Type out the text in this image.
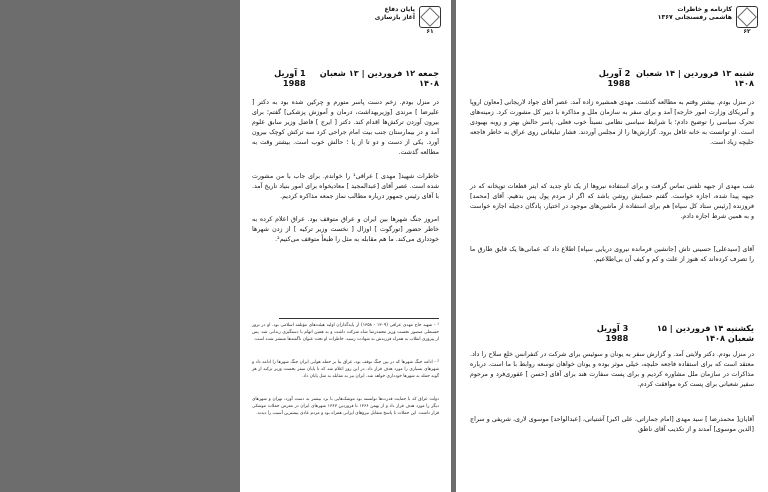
۶۱
پایان دفاع
آغاز بازسازی
جمعه ۱۲ فروردین | ۱۳ شعبان ۱۴۰۸
1 آوریل 1988
در منزل بودم. زخم دست پاسر متورم و چرکین شده بود به دکتر [ علیرضا ] مرندی [وزیربهداشت، درمان و آموزش پزشکی] گفتم؛ برای بیرون آوردن ترکش‌ها اقدام کند. دکتر [ ایرج ] فاضل وزیر سابق علوم آمد و در بیمارستان جنب بیت امام جراحی کرد سه ترکش کوچک بیرون آورد. یکی از دست و دو تا از پا ؛ حالش خوب است. بیشتر وقت به مطالعه گذشت.
خاطرات شهید[ مهدی ] عراقی¹ را خواندم. برای جاب با من مشورت شده است. عصر آقای [عبدالمجید ] معادیخواه برای امور بنیاد تاریخ آمد. با آقای رئیس جمهور درباره مطالب نماز جمعه مذاکره کردیم.
امروز جنگ شهرها بین ایران و عراق متوقف بود. عراق اعلام کرده به خاطر حضور [تورگوت ] اوزال [ نخست وزیر ترکیه ] از زدن شهرها خودداری می‌کند. ما هم مقابله به مثل را طبعاً متوقف می‌کنیم².
¹ - شهید حاج مهدی عراقی (۱۳۰۹ - ۱۳۵۸) از پایه‌گذاران اولیه هیئت‌های مؤتلفه اسلامی بود. او در ترور حسنعلی منصور نخست وزیر محمدرضا شاه شرکت داشت و به همین اتهام با دستگیری زندانی شد. پس از پیروزی انقلاب به همراه فرزندش به شهادت رسید. خاطرات او تحت عنوان ناگفته‌ها منتشر شده است.
² - ادامه جنگ شهرها که در بین جنگ توقف بود، عراق بنا بر حمله هوایی ایران جنگ شهرها را ادامه داد و شهرهای بسیاری را مورد هدف قرار داد. در این روز اعلام شد که تا پایان سفر نخست وزیر ترکیه از هر گونه حمله به شهرها خودداری خواهد شد. ایران نیز به مقابله به مثل پایان داد.
دولت عراق که با حمایت قدرت‌ها توانسته بود موشک‌هایی با برد بیشتر به دست آورد، تهران و شهرهای دیگر را مورد هدف قرار داد و از بهمن ۱۳۶۶ تا فروردین ۱۳۶۷ شهرهای ایران در معرض حملات موشکی قرار داشت. این حملات با پاسخ متقابل نیروهای ایرانی همراه بود و مردم عادی بیشترین آسیب را دیدند.
۶۲
کارنامه و خاطرات
هاشمی رفسنجانی ۱۳۶۷
شنبه ۱۳ فروردین | ۱۴ شعبان ۱۴۰۸
2 آوریل 1988
در منزل بودم. بیشتر وقتم به مطالعه گذشت. مهدی همشیره زاده آمد. عصر آقای جواد لاریجانی [معاون اروپا و آمریکای وزارت امور خارجه] آمد و برای سفر به سازمان ملل و مذاکره با دبیر کل مشورت کرد. زمینه‌های تحرک سیاسی را توضیح دادم؛ با شرایط سیاسی نظامی نسبتاً خوب فعلی. پاسر حالش بهتر و روبه بهبودی است. او توانست به خانه غافل برود. گزارش‌ها را از مجلس آوردند. فشار تبلیغاتی روی عراق به خاطر فاجعه حلبچه زیاد است.
شب مهدی از جبهه تلفنی تماس گرفت و برای استفاده نیروها از یک ناو جدید که ایتر قطعات توپخانه که در جبهه پیدا شده، اجازه خواست. گفتم حسابش روشن باشد که اگر از مردم پول پس بدهیم. آقای [محمد] فروزنده [رئیس ستاد کل سپاه] هم برای استفاده از ماشین‌های موجود در اختیار، پادگان دجیله اجازه خواست و به همین شرط اجازه دادم.
آقای [سیدعلی] حسینی تاش [جانشین فرمانده نیروی دریایی سپاه] اطلاع داد که عمانی‌ها یک قایق طارق ما را تصرف کرده‌اند که هنوز از علت و کم و کیف آن بی‌اطلاعیم.
یکشنبه ۱۴ فروردین | ۱۵ شعبان ۱۴۰۸
3 آوریل 1988
در منزل بودم. دکتر ولایتی آمد. و گزارش سفر به یونان و سوئیس برای شرکت در کنفرانس خلع سلاح را داد. معتقد است که برای استفاده فاجعه حلبچه، خیلی موثر بوده و یونان خواهان توسعه روابط با ما است. درباره مذاکرات در سازمان ملل مشاوره کردیم و برای پست سفارت هند برای آقای [حسن ] غفوری‌فرد و مرحوم سفیر شعبانی برای پست کره موافقت کردم.
آقایان[ محمدرضا ] سید مهدی [امام جماراتی، علی اکبر] آشتیانی، [عبدالواحد] موسوی لاری، شریفی و سراج [الدین موسوی] آمدند و از تکذیب آقای ناطق
